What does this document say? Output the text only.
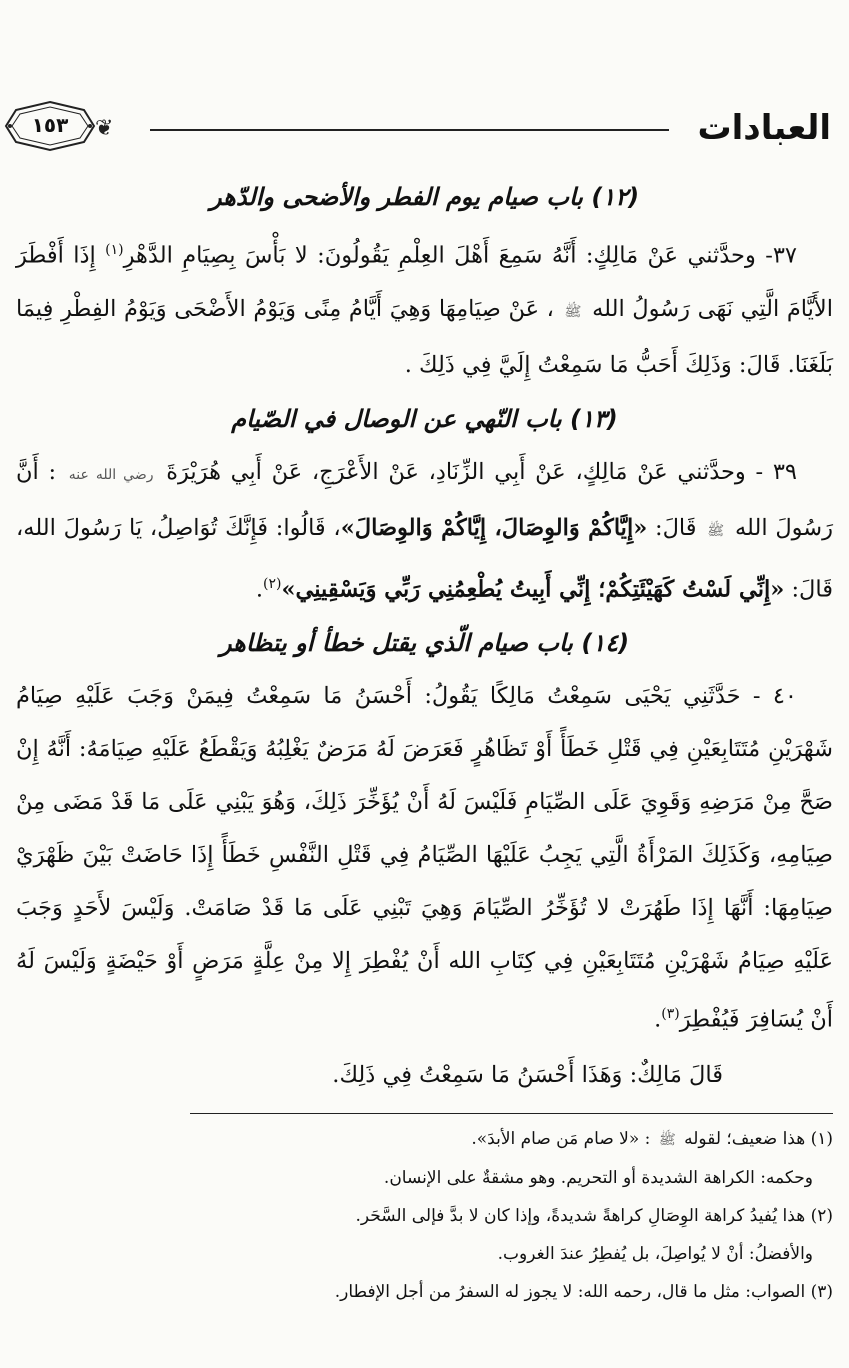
العبادات
❦
١٥٣
(١٢) باب صيام يوم الفطر والأضحى والدّهر

٣٧- وحدَّثني عَنْ مَالِكٍ: أَنَّهُ سَمِعَ أَهْلَ العِلْمِ يَقُولُونَ: لا بَأْسَ بِصِيَامِ الدَّهْرِ$^{(١)}$ إِذَا أَفْطَرَ الأَيَّامَ الَّتِي نَهَى رَسُولُ الله ﷺ ، عَنْ صِيَامِهَا وَهِيَ أَيَّامُ مِنًى وَيَوْمُ الأَضْحَى وَيَوْمُ الفِطْرِ فِيمَا بَلَغَنَا. قَالَ: وَذَلِكَ أَحَبُّ مَا سَمِعْتُ إِلَيَّ فِي ذَلِكَ .

(١٣) باب النّهي عن الوصال في الصّيام

٣٩ - وحدَّثني عَنْ مَالِكٍ، عَنْ أَبِي الزِّنَادِ، عَنْ الأَعْرَجِ، عَنْ أَبِي هُرَيْرَةَ رضي الله عنه : أَنَّ رَسُولَ الله ﷺ قَالَ: «إِيَّاكُمْ وَالوِصَالَ، إِيَّاكُمْ وَالوِصَالَ»، قَالُوا: فَإِنَّكَ تُوَاصِلُ، يَا رَسُولَ الله، قَالَ: «إِنِّي لَسْتُ كَهَيْئَتِكُمْ؛ إِنِّي أَبِيتُ يُطْعِمُنِي رَبِّي وَيَسْقِينِي»$^{(٢)}$.

(١٤) باب صيام الّذي يقتل خطأ أو يتظاهر

٤٠ - حَدَّثَنِي يَحْيَى سَمِعْتُ مَالِكًا يَقُولُ: أَحْسَنُ مَا سَمِعْتُ فِيمَنْ وَجَبَ عَلَيْهِ صِيَامُ شَهْرَيْنِ مُتَتَابِعَيْنِ فِي قَتْلِ خَطَأً أَوْ تَظَاهُرٍ فَعَرَضَ لَهُ مَرَضٌ يَغْلِبُهُ وَيَقْطَعُ عَلَيْهِ صِيَامَهُ: أَنَّهُ إِنْ صَحَّ مِنْ مَرَضِهِ وَقَوِيَ عَلَى الصِّيَامِ فَلَيْسَ لَهُ أَنْ يُؤَخِّرَ ذَلِكَ، وَهُوَ يَبْنِي عَلَى مَا قَدْ مَضَى مِنْ صِيَامِهِ، وَكَذَلِكَ المَرْأَةُ الَّتِي يَجِبُ عَلَيْهَا الصِّيَامُ فِي قَتْلِ النَّفْسِ خَطَأً إِذَا حَاضَتْ بَيْنَ ظَهْرَيْ صِيَامِهَا: أَنَّهَا إِذَا طَهُرَتْ لا تُؤَخِّرُ الصِّيَامَ وَهِيَ تَبْنِي عَلَى مَا قَدْ صَامَتْ. وَلَيْسَ لأَحَدٍ وَجَبَ عَلَيْهِ صِيَامُ شَهْرَيْنِ مُتَتَابِعَيْنِ فِي كِتَابِ الله أَنْ يُفْطِرَ إِلا مِنْ عِلَّةٍ مَرَضٍ أَوْ حَيْضَةٍ وَلَيْسَ لَهُ أَنْ يُسَافِرَ فَيُفْطِرَ$^{(٣)}$.

قَالَ مَالِكٌ: وَهَذَا أَحْسَنُ مَا سَمِعْتُ فِي ذَلِكَ.

(١) هذا ضعيف؛ لقوله ﷺ : «لا صام مَن صام الأبدَ».

وحكمه: الكراهة الشديدة أو التحريم. وهو مشقةٌ على الإنسان.

(٢) هذا يُفيدُ كراهة الوِصَالِ كراهةً شديدةً، وإذا كان لا بدَّ فإلى السَّحَر.

والأفضلُ: أنْ لا يُواصِلَ، بل يُفطِرُ عندَ الغروب.

(٣) الصواب: مثل ما قال، رحمه الله: لا يجوز له السفرُ من أجل الإفطار.
